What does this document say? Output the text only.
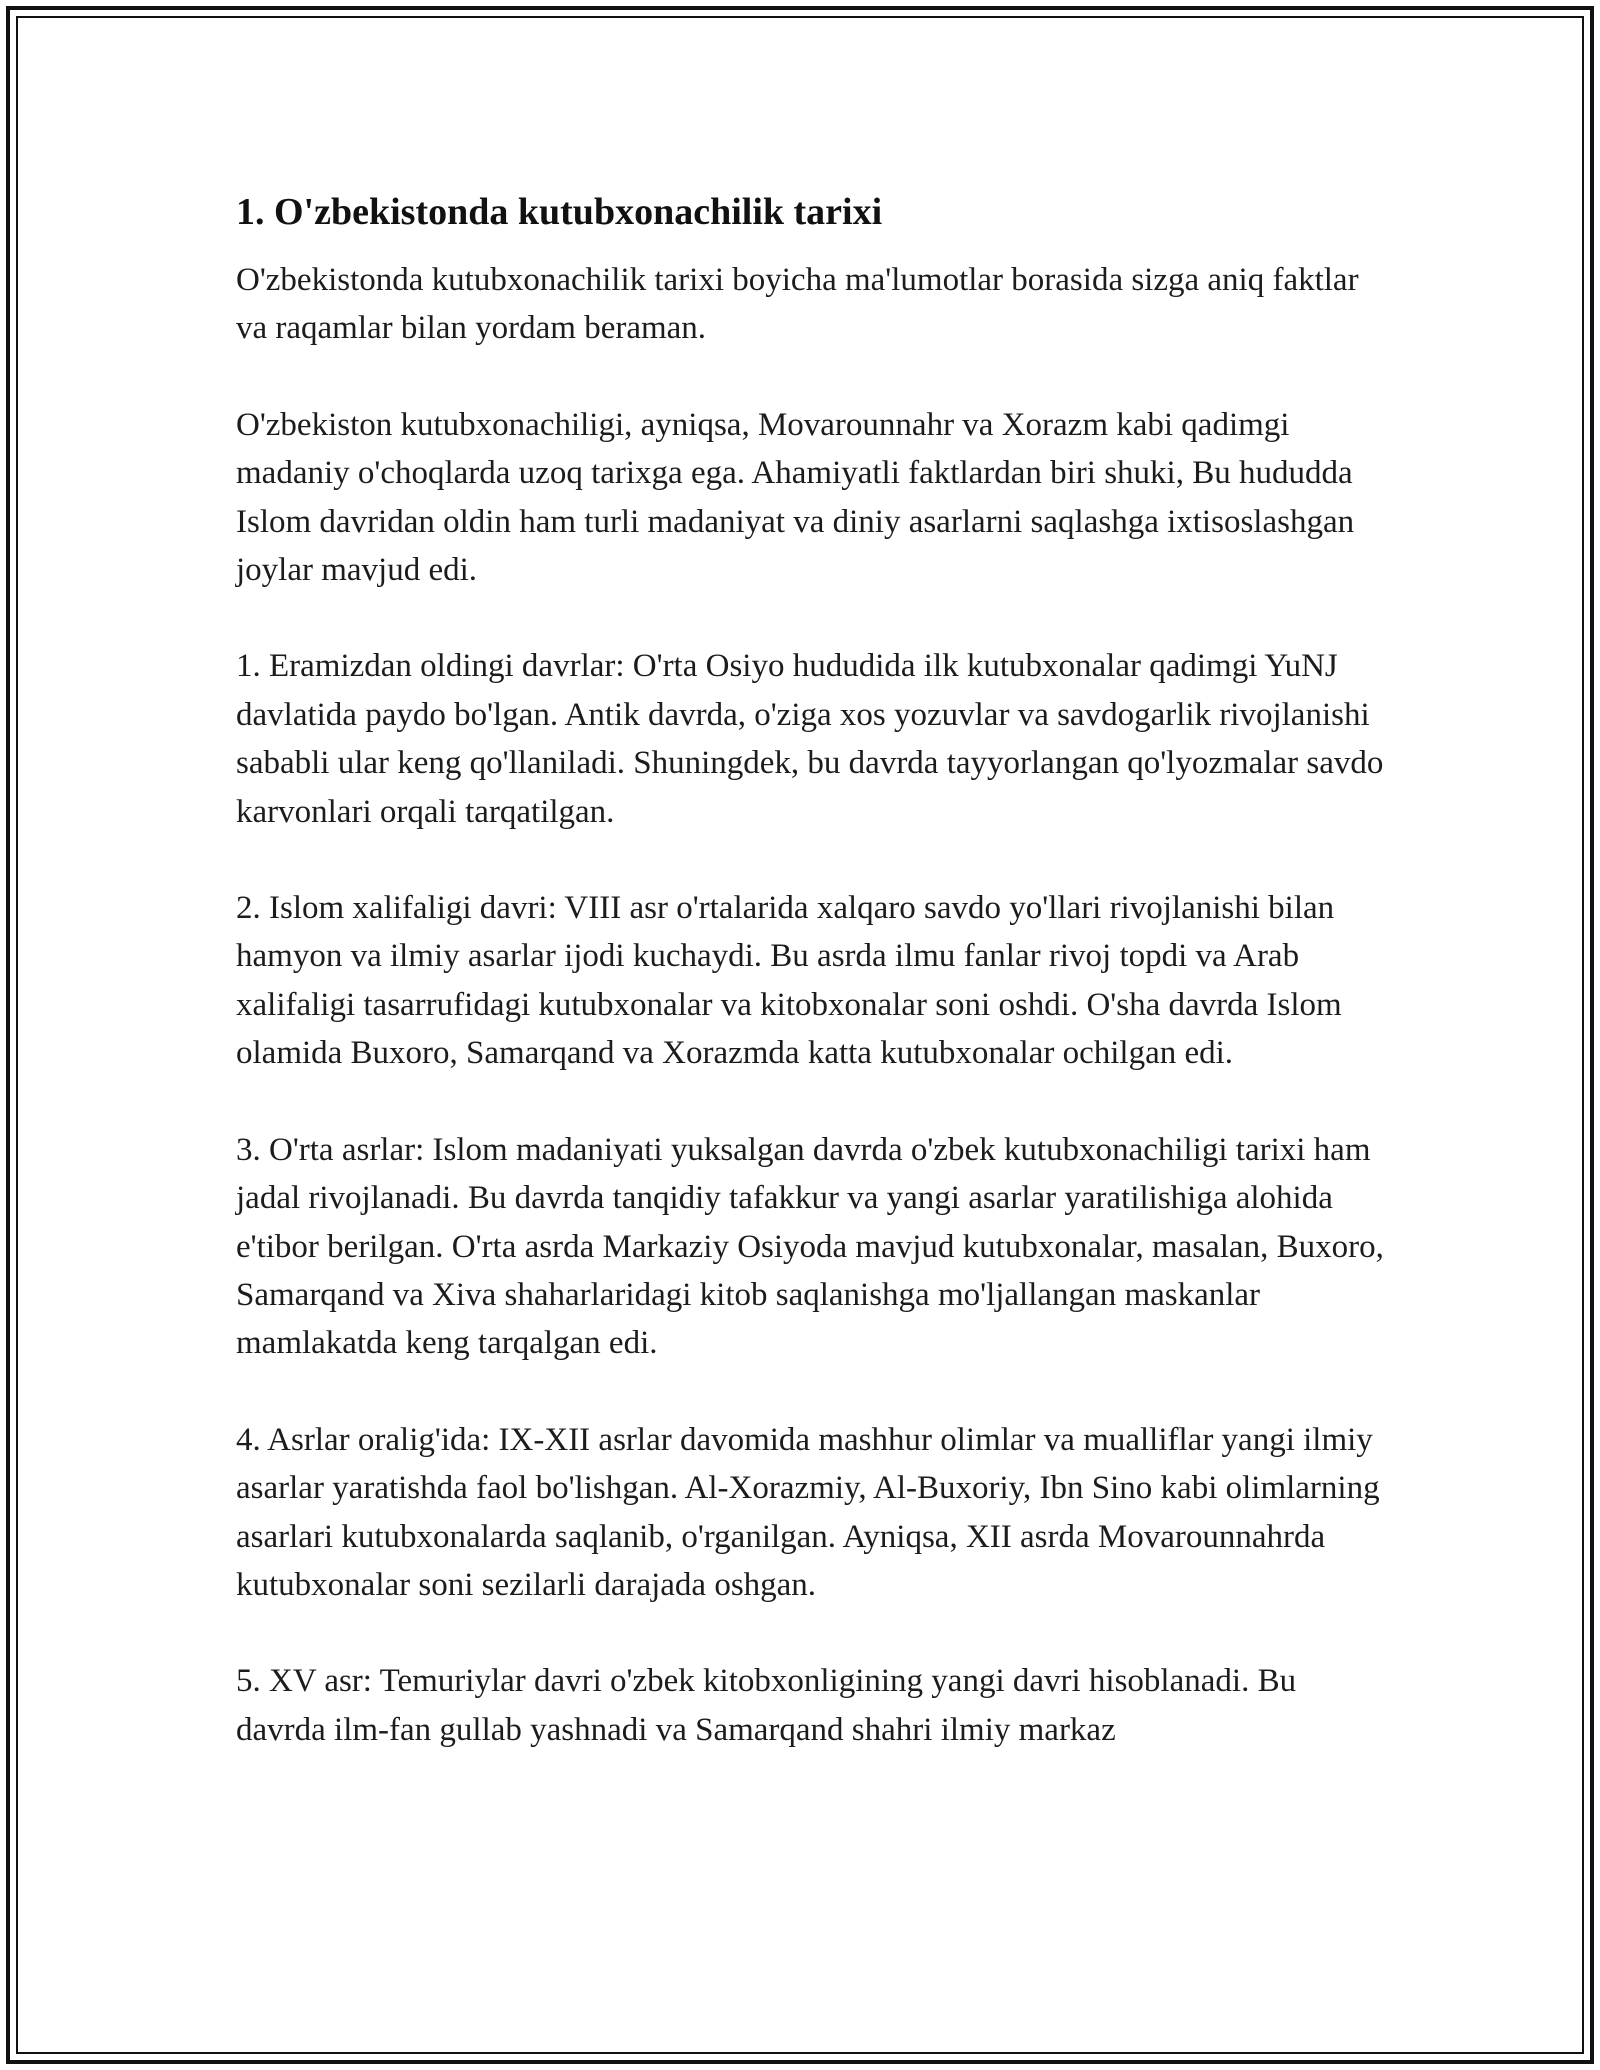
1. O'zbekistonda kutubxonachilik tarixi

O'zbekistonda kutubxonachilik tarixi boyicha ma'lumotlar borasida sizga aniq faktlar va raqamlar bilan yordam beraman.

O'zbekiston kutubxonachiligi, ayniqsa, Movarounnahr va Xorazm kabi qadimgi madaniy o'choqlarda uzoq tarixga ega. Ahamiyatli faktlardan biri shuki, Bu hududda Islom davridan oldin ham turli madaniyat va diniy asarlarni saqlashga ixtisoslashgan joylar mavjud edi.

1. Eramizdan oldingi davrlar: O'rta Osiyo hududida ilk kutubxonalar qadimgi YuNJ davlatida paydo bo'lgan. Antik davrda, o'ziga xos yozuvlar va savdogarlik rivojlanishi sababli ular keng qo'llaniladi. Shuningdek, bu davrda tayyorlangan qo'lyozmalar savdo karvonlari orqali tarqatilgan.

2. Islom xalifaligi davri: VIII asr o'rtalarida xalqaro savdo yo'llari rivojlanishi bilan hamyon va ilmiy asarlar ijodi kuchaydi. Bu asrda ilmu fanlar rivoj topdi va Arab xalifaligi tasarrufidagi kutubxonalar va kitobxonalar soni oshdi. O'sha davrda Islom olamida Buxoro, Samarqand va Xorazmda katta kutubxonalar ochilgan edi.

3. O'rta asrlar: Islom madaniyati yuksalgan davrda o'zbek kutubxonachiligi tarixi ham jadal rivojlanadi. Bu davrda tanqidiy tafakkur va yangi asarlar yaratilishiga alohida e'tibor berilgan. O'rta asrda Markaziy Osiyoda mavjud kutubxonalar, masalan, Buxoro, Samarqand va Xiva shaharlaridagi kitob saqlanishga mo'ljallangan maskanlar mamlakatda keng tarqalgan edi.

4. Asrlar oralig'ida: IX-XII asrlar davomida mashhur olimlar va mualliflar yangi ilmiy asarlar yaratishda faol bo'lishgan. Al-Xorazmiy, Al-Buxoriy, Ibn Sino kabi olimlarning asarlari kutubxonalarda saqlanib, o'rganilgan. Ayniqsa, XII asrda Movarounnahrda kutubxonalar soni sezilarli darajada oshgan.

5. XV asr: Temuriylar davri o'zbek kitobxonligining yangi davri hisoblanadi. Bu davrda ilm-fan gullab yashnadi va Samarqand shahri ilmiy markaz
